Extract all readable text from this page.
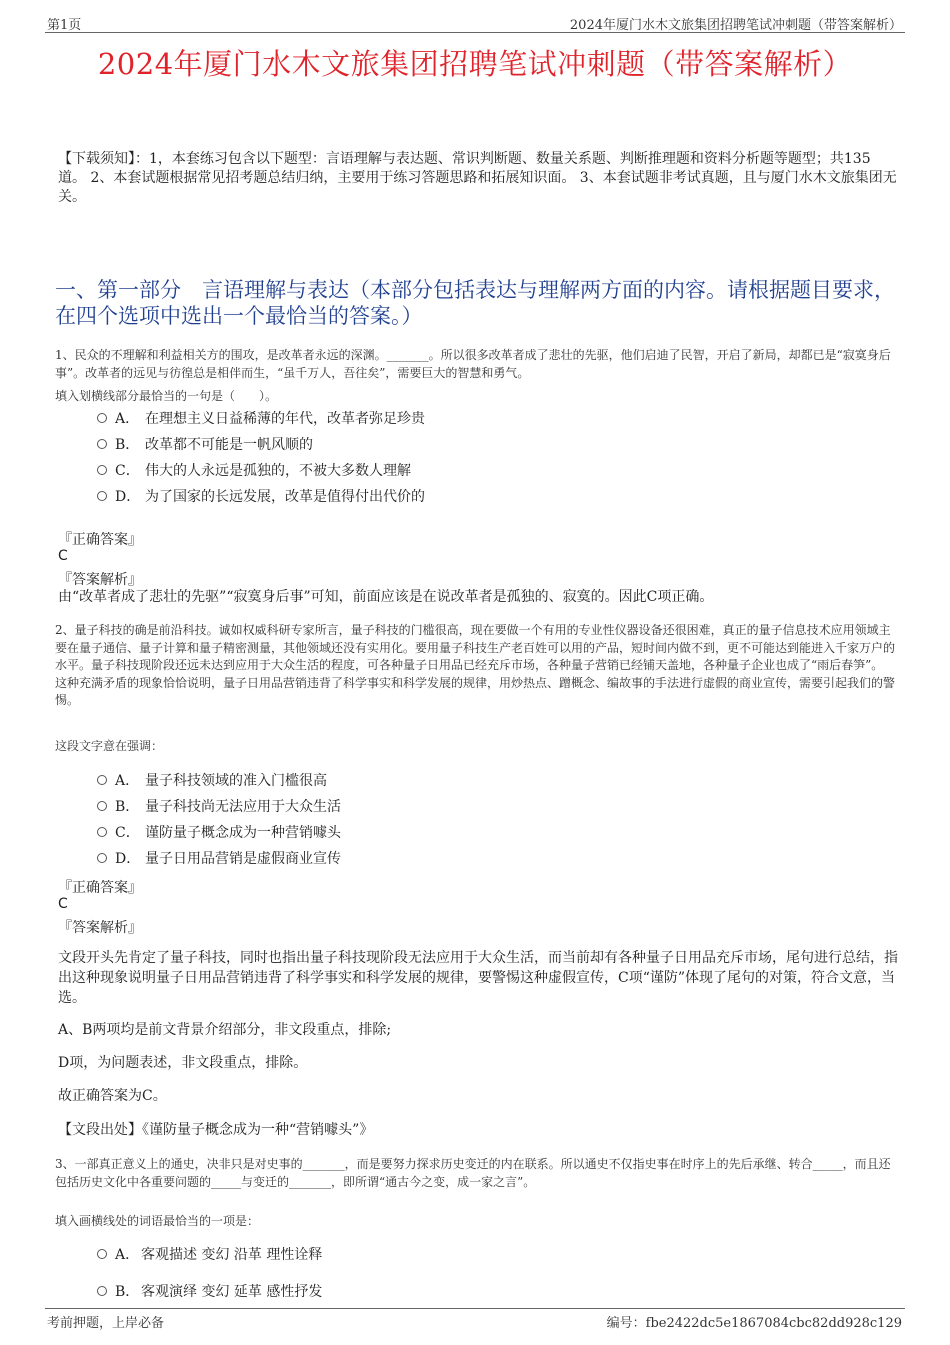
第1页	2024年厦门水木文旅集团招聘笔试冲刺题（带答案解析）
2024年厦门水木文旅集团招聘笔试冲刺题（带答案解析）
【下载须知】：1，本套练习包含以下题型：言语理解与表达题、常识判断题、数量关系题、判断推理题和资料分析题等题型；共135道。 2、本套试题根据常见招考题总结归纳，主要用于练习答题思路和拓展知识面。 3、本套试题非考试真题，且与厦门水木文旅集团无关。
一、第一部分　言语理解与表达（本部分包括表达与理解两方面的内容。请根据题目要求，在四个选项中选出一个最恰当的答案。）
1、民众的不理解和利益相关方的围攻，是改革者永远的深渊。_______。所以很多改革者成了悲壮的先驱，他们启迪了民智，开启了新局，却都已是“寂寞身后事”。改革者的远见与彷徨总是相伴而生，“虽千万人，吾往矣”，需要巨大的智慧和勇气。
填入划横线部分最恰当的一句是（　　）。
A． 在理想主义日益稀薄的年代，改革者弥足珍贵
B． 改革都不可能是一帆风顺的
C． 伟大的人永远是孤独的，不被大多数人理解
D． 为了国家的长远发展，改革是值得付出代价的
『正确答案』
C
『答案解析』
由“改革者成了悲壮的先驱”“寂寞身后事”可知，前面应该是在说改革者是孤独的、寂寞的。因此C项正确。
2、量子科技的确是前沿科技。诚如权威科研专家所言，量子科技的门槛很高，现在要做一个有用的专业性仪器设备还很困难，真正的量子信息技术应用领域主要在量子通信、量子计算和量子精密测量，其他领域还没有实用化。要用量子科技生产老百姓可以用的产品，短时间内做不到，更不可能达到能进入千家万户的水平。量子科技现阶段还远未达到应用于大众生活的程度，可各种量子日用品已经充斥市场，各种量子营销已经铺天盖地，各种量子企业也成了“雨后春笋”。这种充满矛盾的现象恰恰说明，量子日用品营销违背了科学事实和科学发展的规律，用炒热点、蹭概念、编故事的手法进行虚假的商业宣传，需要引起我们的警惕。
这段文字意在强调：
A． 量子科技领域的准入门槛很高
B． 量子科技尚无法应用于大众生活
C． 谨防量子概念成为一种营销噱头
D． 量子日用品营销是虚假商业宣传
『正确答案』
C
『答案解析』
文段开头先肯定了量子科技，同时也指出量子科技现阶段无法应用于大众生活，而当前却有各种量子日用品充斥市场，尾句进行总结，指出这种现象说明量子日用品营销违背了科学事实和科学发展的规律，要警惕这种虚假宣传，C项“谨防”体现了尾句的对策，符合文意，当选。
A、B两项均是前文背景介绍部分，非文段重点，排除;
D项，为问题表述，非文段重点，排除。
故正确答案为C。
【文段出处】《谨防量子概念成为一种“营销噱头”》
3、一部真正意义上的通史，决非只是对史事的_______，而是要努力探求历史变迁的内在联系。所以通史不仅指史事在时序上的先后承继、转合_____，而且还包括历史文化中各重要问题的_____与变迁的_______，即所谓“通古今之变，成一家之言”。
填入画横线处的词语最恰当的一项是：
A． 客观描述 变幻 沿革 理性诠释
B． 客观演绎 变幻 延革 感性抒发
考前押题，上岸必备	编号：fbe2422dc5e1867084cbc82dd928c129
